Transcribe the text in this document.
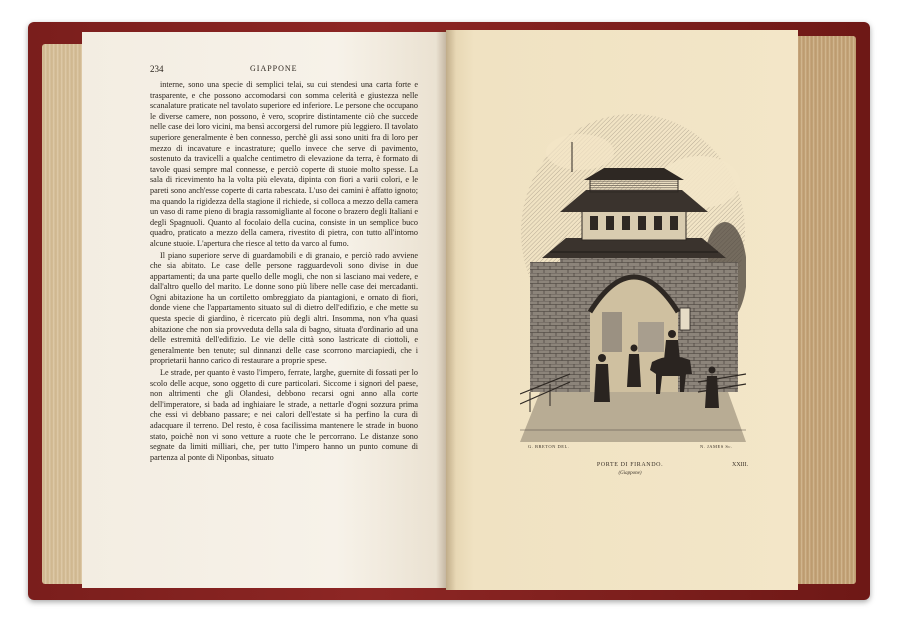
234	GIAPPONE

interne, sono una specie di semplici telai, su cui stendesi una carta forte e trasparente, e che possono accomodarsi con somma celerità e giustezza nelle scanalature praticate nel tavolato superiore ed inferiore. Le persone che occupano le diverse camere, non possono, è vero, scoprire distintamente ciò che succede nelle case dei loro vicini, ma bensì accorgersi del rumore più leggiero. Il tavolato superiore generalmente è ben connesso, perchè gli assi sono uniti fra di loro per mezzo di incavature e incastrature; quello invece che serve di pavimento, sostenuto da travicelli a qualche centimetro di elevazione da terra, è formato di tavole quasi sempre mal connesse, e perciò coperte di stuoie molto spesse. La sala di ricevimento ha la volta più elevata, dipinta con fiori a varii colori, e le pareti sono anch'esse coperte di carta rabescata. L'uso dei camini è affatto ignoto; ma quando la rigidezza della stagione il richiede, si colloca a mezzo della camera un vaso di rame pieno di bragia rassomigliante al focone o brazero degli Italiani e degli Spagnuoli. Quanto al focolaio della cucina, consiste in un semplice buco quadro, praticato a mezzo della camera, rivestito di pietra, con tutto all'intorno alcune stuoie. L'apertura che riesce al tetto da varco al fumo.

Il piano superiore serve di guardamobili e di granaio, e perciò rado avviene che sia abitato. Le case delle persone ragguardevoli sono divise in due appartamenti; da una parte quello delle mogli, che non si lasciano mai vedere, e dall'altro quello del marito. Le donne sono più libere nelle case dei mercadanti. Ogni abitazione ha un cortiletto ombreggiato da piantagioni, e ornato di fiori, donde viene che l'appartamento situato sul di dietro dell'edifizio, e che mette su questa specie di giardino, è ricercato più degli altri. Insomma, non v'ha quasi abitazione che non sia provveduta della sala di bagno, situata d'ordinario ad una delle estremità dell'edifizio. Le vie delle città sono lastricate di ciottoli, e generalmente ben tenute; sul dinnanzi delle case scorrono marciapiedi, che i proprietarii hanno carico di restaurare a proprie spese.

Le strade, per quanto è vasto l'impero, ferrate, larghe, guernite di fossati per lo scolo delle acque, sono oggetto di cure particolari. Siccome i signori del paese, non altrimenti che gli Olandesi, debbono recarsi ogni anno alla corte dell'imperatore, si bada ad inghiaiare le strade, a nettarle d'ogni sozzura prima che essi vi debbano passare; e nei calori dell'estate si ha perfino la cura di adacquare il terreno. Del resto, è cosa facilissima mantenere le strade in buono stato, poichè non vi sono vetture a ruote che le percorrano. Le distanze sono segnate da limiti milliari, che, per tutto l'impero hanno un punto comune di partenza al ponte di Niponbas, situato

G. BRETON DEL.	N. JAMES Sc.
PORTE DI FIRANDO.
(Giappone)
XXIII.
